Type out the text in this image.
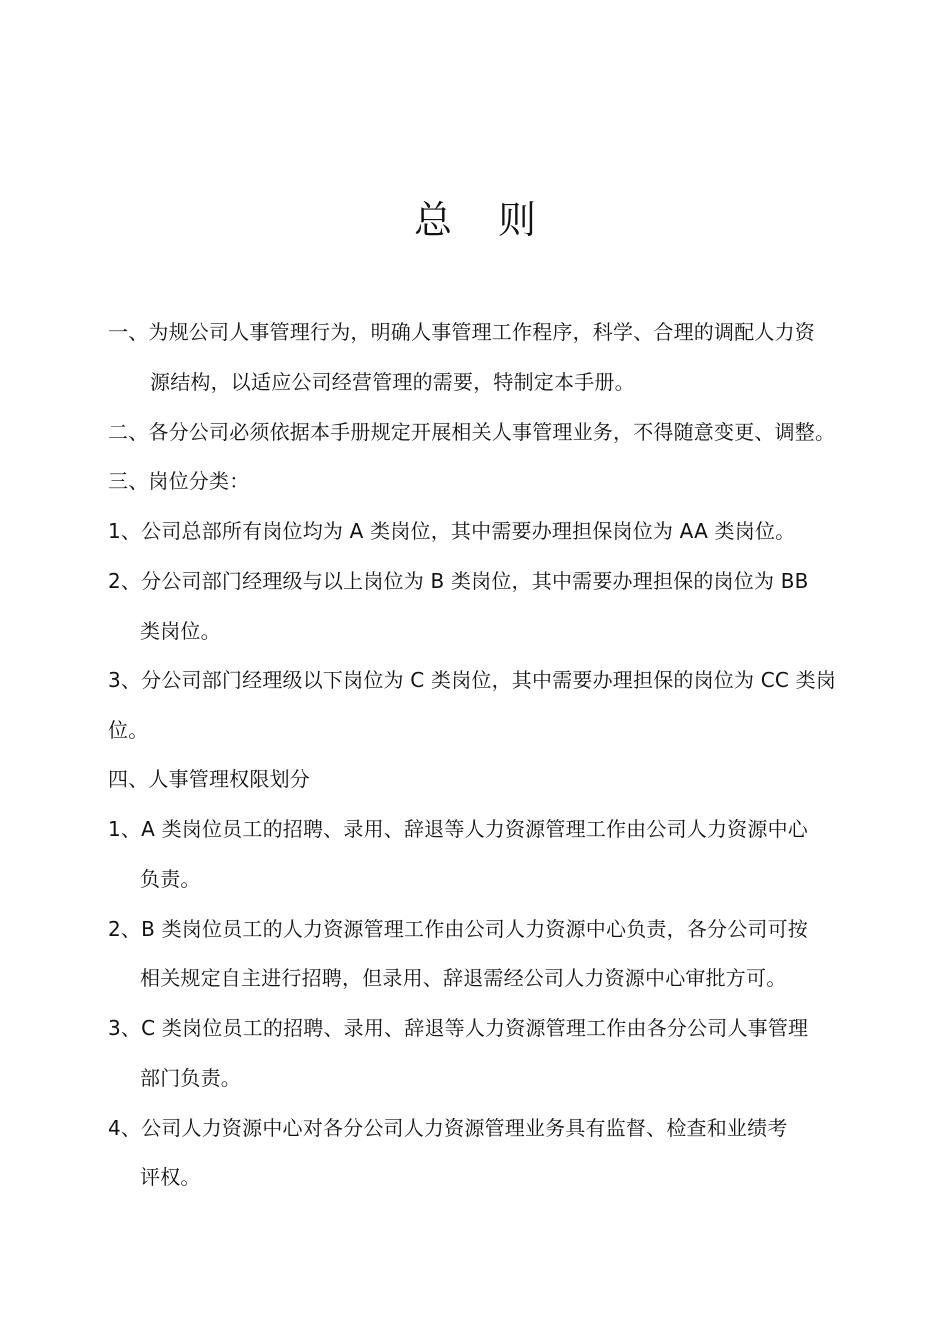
总 则
一、为规公司人事管理行为，明确人事管理工作程序，科学、合理的调配人力资
源结构，以适应公司经营管理的需要，特制定本手册。
二、各分公司必须依据本手册规定开展相关人事管理业务，不得随意变更、调整。
三、岗位分类：
1、公司总部所有岗位均为 A 类岗位，其中需要办理担保岗位为 AA 类岗位。
2、分公司部门经理级与以上岗位为 B 类岗位，其中需要办理担保的岗位为 BB
类岗位。
3、分公司部门经理级以下岗位为 C 类岗位，其中需要办理担保的岗位为 CC 类岗
位。
四、人事管理权限划分
1、A 类岗位员工的招聘、录用、辞退等人力资源管理工作由公司人力资源中心
负责。
2、B 类岗位员工的人力资源管理工作由公司人力资源中心负责，各分公司可按
相关规定自主进行招聘，但录用、辞退需经公司人力资源中心审批方可。
3、C 类岗位员工的招聘、录用、辞退等人力资源管理工作由各分公司人事管理
部门负责。
4、公司人力资源中心对各分公司人力资源管理业务具有监督、检查和业绩考
评权。
